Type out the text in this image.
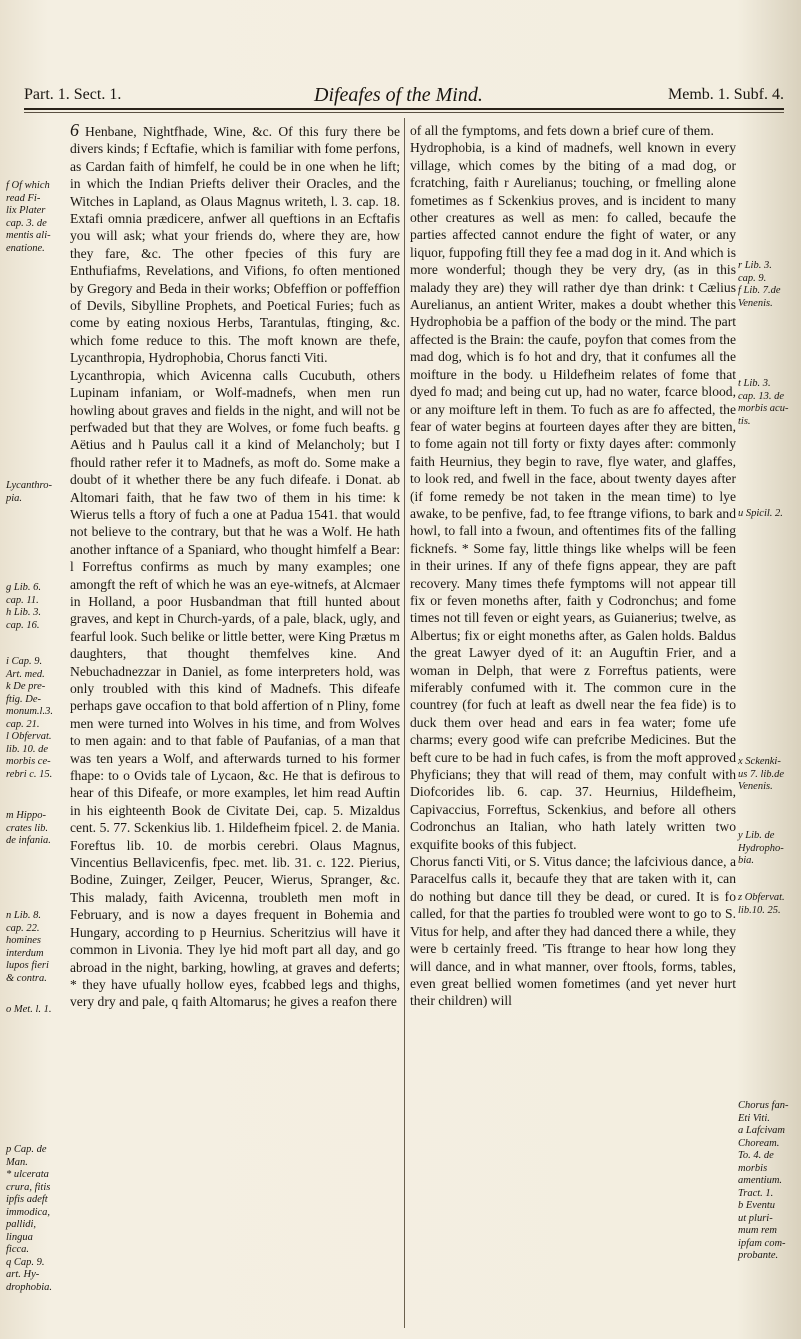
Part. 1. Sect. 1.	Difeafes of the Mind.	Memb. 1. Subf. 4.
f Of which
read Fi-
lix Plater
cap. 3. de
mentis ali-
enatione.
Lycanthro-
pia.
g Lib. 6.
cap. 11.
h Lib. 3.
cap. 16.
i Cap. 9.
Art. med.
k De pre-
ftig. De-
monum.l.3.
cap. 21.
l Obfervat.
lib. 10. de
morbis ce-
rebri c. 15.
m Hippo-
crates lib.
de infania.
n Lib. 8.
cap. 22.
homines
interdum
lupos fieri
& contra.
o Met. l. 1.
p Cap. de
Man.
* ulcerata
crura, fitis
ipfis adeft
immodica,
pallidi,
lingua
ficca.
q Cap. 9.
art. Hy-
drophobia.
r Lib. 3.
cap. 9.
f Lib. 7.de
Venenis.
t Lib. 3.
cap. 13. de
morbis acu-
tis.
u Spicil. 2.
x Sckenki-
us 7. lib.de
Venenis.
y Lib. de
Hydropho-
bia.
z Obfervat.
lib.10. 25.
Chorus fan-
Eti Viti.
a Lafcivam
Choream.
To. 4. de
morbis
amentium.
Tract. 1.
b Eventu
ut pluri-
mum rem
ipfam com-
probante.

6 Henbane, Nightfhade, Wine, &c. Of this fury there be divers kinds; f Ecftafie, which is familiar with fome perfons, as Cardan faith of himfelf, he could be in one when he lift; in which the Indian Priefts deliver their Oracles, and the Witches in Lapland, as Olaus Magnus writeth, l. 3. cap. 18. Extafi omnia prædicere, anfwer all queftions in an Ecftafis you will ask; what your friends do, where they are, how they fare, &c. The other fpecies of this fury are Enthufiafms, Revelations, and Vifions, fo often mentioned by Gregory and Beda in their works; Obfeffion or poffeffion of Devils, Sibylline Prophets, and Poetical Furies; fuch as come by eating noxious Herbs, Tarantulas, ftinging, &c. which fome reduce to this. The moft known are thefe, Lycanthropia, Hydrophobia, Chorus fancti Viti.

Lycanthropia, which Avicenna calls Cucubuth, others Lupinam infaniam, or Wolf-madnefs, when men run howling about graves and fields in the night, and will not be perfwaded but that they are Wolves, or fome fuch beafts. g Aëtius and h Paulus call it a kind of Melancholy; but I fhould rather refer it to Madnefs, as moft do. Some make a doubt of it whether there be any fuch difeafe. i Donat. ab Altomari faith, that he faw two of them in his time: k Wierus tells a ftory of fuch a one at Padua 1541. that would not believe to the contrary, but that he was a Wolf. He hath another inftance of a Spaniard, who thought himfelf a Bear: l Forreftus confirms as much by many examples; one amongft the reft of which he was an eye-witnefs, at Alcmaer in Holland, a poor Husbandman that ftill hunted about graves, and kept in Church-yards, of a pale, black, ugly, and fearful look. Such belike or little better, were King Prætus m daughters, that thought themfelves kine. And Nebuchadnezzar in Daniel, as fome interpreters hold, was only troubled with this kind of Madnefs. This difeafe perhaps gave occafion to that bold affertion of n Pliny, fome men were turned into Wolves in his time, and from Wolves to men again: and to that fable of Paufanias, of a man that was ten years a Wolf, and afterwards turned to his former fhape: to o Ovids tale of Lycaon, &c. He that is defirous to hear of this Difeafe, or more examples, let him read Auftin in his eighteenth Book de Civitate Dei, cap. 5. Mizaldus cent. 5. 77. Sckenkius lib. 1. Hildefheim fpicel. 2. de Mania. Foreftus lib. 10. de morbis cerebri. Olaus Magnus, Vincentius Bellavicenfis, fpec. met. lib. 31. c. 122. Pierius, Bodine, Zuinger, Zeilger, Peucer, Wierus, Spranger, &c. This malady, faith Avicenna, troubleth men moft in February, and is now a dayes frequent in Bohemia and Hungary, according to p Heurnius. Scheritzius will have it common in Livonia. They lye hid moft part all day, and go abroad in the night, barking, howling, at graves and deferts; * they have ufually hollow eyes, fcabbed legs and thighs, very dry and pale, q faith Altomarus; he gives a reafon there

of all the fymptoms, and fets down a brief cure of them.

Hydrophobia, is a kind of madnefs, well known in every village, which comes by the biting of a mad dog, or fcratching, faith r Aurelianus; touching, or fmelling alone fometimes as f Sckenkius proves, and is incident to many other creatures as well as men: fo called, becaufe the parties affected cannot endure the fight of water, or any liquor, fuppofing ftill they fee a mad dog in it. And which is more wonderful; though they be very dry, (as in this malady they are) they will rather dye than drink: t Cælius Aurelianus, an antient Writer, makes a doubt whether this Hydrophobia be a paffion of the body or the mind. The part affected is the Brain: the caufe, poyfon that comes from the mad dog, which is fo hot and dry, that it confumes all the moifture in the body. u Hildefheim relates of fome that dyed fo mad; and being cut up, had no water, fcarce blood, or any moifture left in them. To fuch as are fo affected, the fear of water begins at fourteen dayes after they are bitten, to fome again not till forty or fixty dayes after: commonly faith Heurnius, they begin to rave, flye water, and glaffes, to look red, and fwell in the face, about twenty dayes after (if fome remedy be not taken in the mean time) to lye awake, to be penfive, fad, to fee ftrange vifions, to bark and howl, to fall into a fwoun, and oftentimes fits of the falling ficknefs. * Some fay, little things like whelps will be feen in their urines. If any of thefe figns appear, they are paft recovery. Many times thefe fymptoms will not appear till fix or feven moneths after, faith y Codronchus; and fome times not till feven or eight years, as Guianerius; twelve, as Albertus; fix or eight moneths after, as Galen holds. Baldus the great Lawyer dyed of it: an Auguftin Frier, and a woman in Delph, that were z Forreftus patients, were miferably confumed with it. The common cure in the countrey (for fuch at leaft as dwell near the fea fide) is to duck them over head and ears in fea water; fome ufe charms; every good wife can prefcribe Medicines. But the beft cure to be had in fuch cafes, is from the moft approved Phyficians; they that will read of them, may confult with Diofcorides lib. 6. cap. 37. Heurnius, Hildefheim, Capivaccius, Forreftus, Sckenkius, and before all others Codronchus an Italian, who hath lately written two exquifite books of this fubject.

Chorus fancti Viti, or S. Vitus dance; the lafcivious dance, a Paracelfus calls it, becaufe they that are taken with it, can do nothing but dance till they be dead, or cured. It is fo called, for that the parties fo troubled were wont to go to S. Vitus for help, and after they had danced there a while, they were b certainly freed. 'Tis ftrange to hear how long they will dance, and in what manner, over ftools, forms, tables, even great bellied women fometimes (and yet never hurt their children) will
